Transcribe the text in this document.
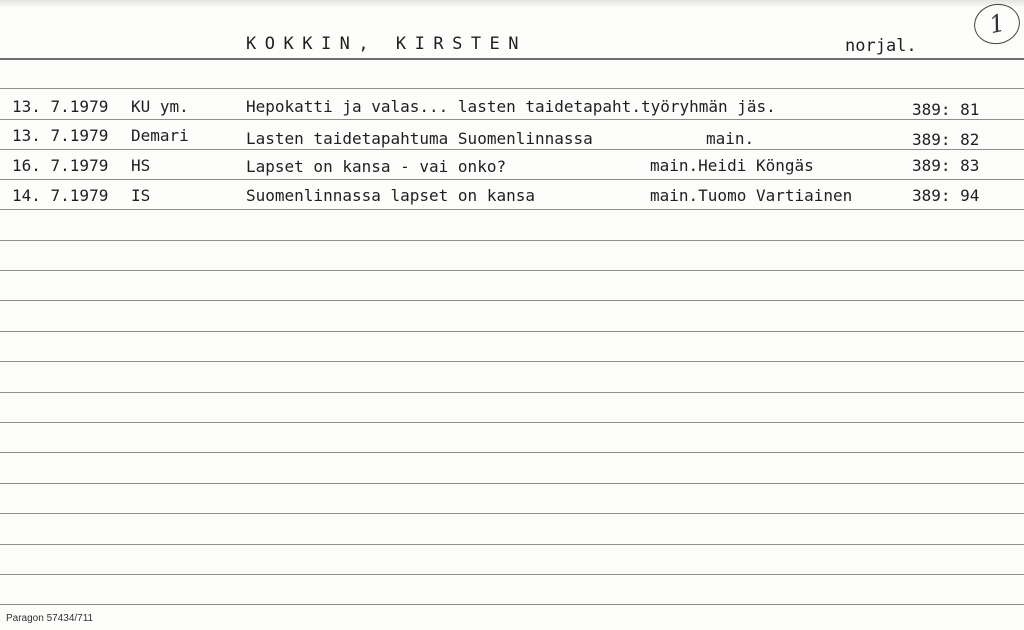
KOKKIN, KIRSTEN	norjal.
1
13. 7.1979 KU ym.	Hepokatti ja valas... lasten taidetapaht.työryhmän jäs.	389: 81
13. 7.1979 Demari	Lasten taidetapahtuma Suomenlinnassa	main.	389: 82
16. 7.1979 HS	Lapset on kansa - vai onko?	main.Heidi Köngäs	389: 83
14. 7.1979 IS	Suomenlinnassa lapset on kansa	main.Tuomo Vartiainen	389: 94
Paragon 57434/711
